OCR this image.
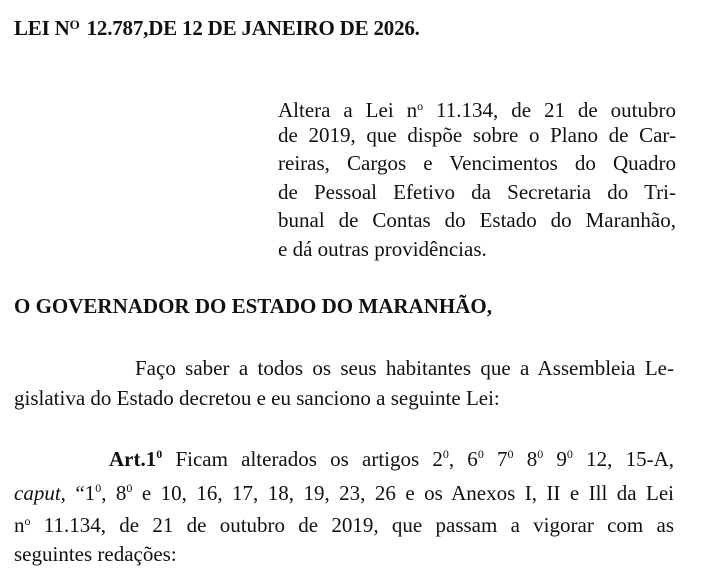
LEI $N^O$ 12.787,DE 12 DE JANEIRO DE 2026.

Altera a Lei $n^o$ 11.134, de 21 de outubro
de 2019, que dispõe sobre o Plano de Car-
reiras, Cargos e Vencimentos do Quadro
de Pessoal Efetivo da Secretaria do Tri-
bunal de Contas do Estado do Maranhão,
e dá outras providências.

O GOVERNADOR DO ESTADO DO MARANHÃO,

Faço saber a todos os seus habitantes que a Assembleia Le-
gislativa do Estado decretou e eu sanciono a seguinte Lei:

$Art.1^0$ Ficam alterados os artigos $2^0$, $6^0$ $7^0$ $8^0$ $9^0$ 12, 15-A,
caput, “$1^0$, $8^0$ e 10, 16, 17, 18, 19, 23, 26 e os Anexos I, II e Ill da Lei
$n^o$ 11.134, de 21 de outubro de 2019, que passam a vigorar com as
seguintes redações:
